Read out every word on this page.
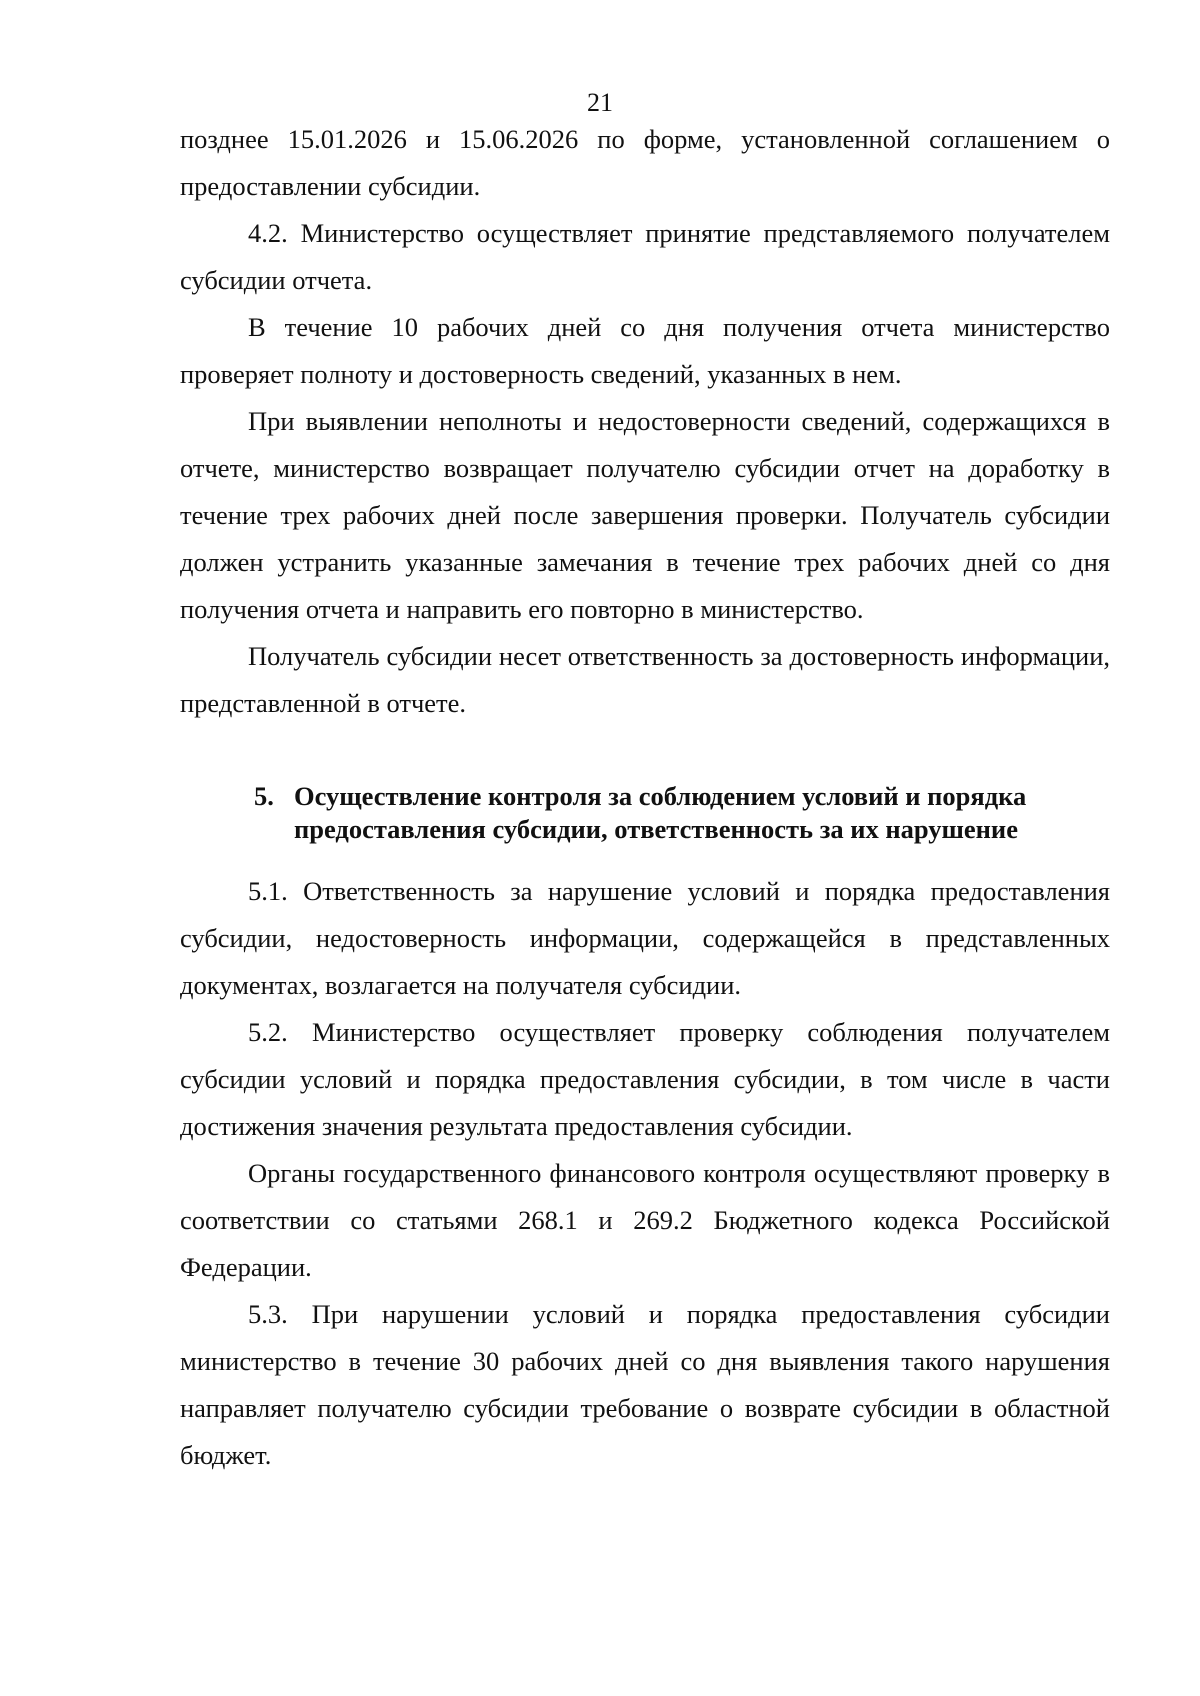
21

позднее 15.01.2026 и 15.06.2026 по форме, установленной соглашением о предоставлении субсидии.

4.2. Министерство осуществляет принятие представляемого получателем субсидии отчета.

В течение 10 рабочих дней со дня получения отчета министерство проверяет полноту и достоверность сведений, указанных в нем.

При выявлении неполноты и недостоверности сведений, содержащихся в отчете, министерство возвращает получателю субсидии отчет на доработку в течение трех рабочих дней после завершения проверки. Получатель субсидии должен устранить указанные замечания в течение трех рабочих дней со дня получения отчета и направить его повторно в министерство.

Получатель субсидии несет ответственность за достоверность информации, представленной в отчете.

5. Осуществление контроля за соблюдением условий и порядка предоставления субсидии, ответственность за их нарушение

5.1. Ответственность за нарушение условий и порядка предоставления субсидии, недостоверность информации, содержащейся в представленных документах, возлагается на получателя субсидии.

5.2. Министерство осуществляет проверку соблюдения получателем субсидии условий и порядка предоставления субсидии, в том числе в части достижения значения результата предоставления субсидии.

Органы государственного финансового контроля осуществляют проверку в соответствии со статьями 268.1 и 269.2 Бюджетного кодекса Российской Федерации.

5.3. При нарушении условий и порядка предоставления субсидии министерство в течение 30 рабочих дней со дня выявления такого нарушения направляет получателю субсидии требование о возврате субсидии в областной бюджет.
